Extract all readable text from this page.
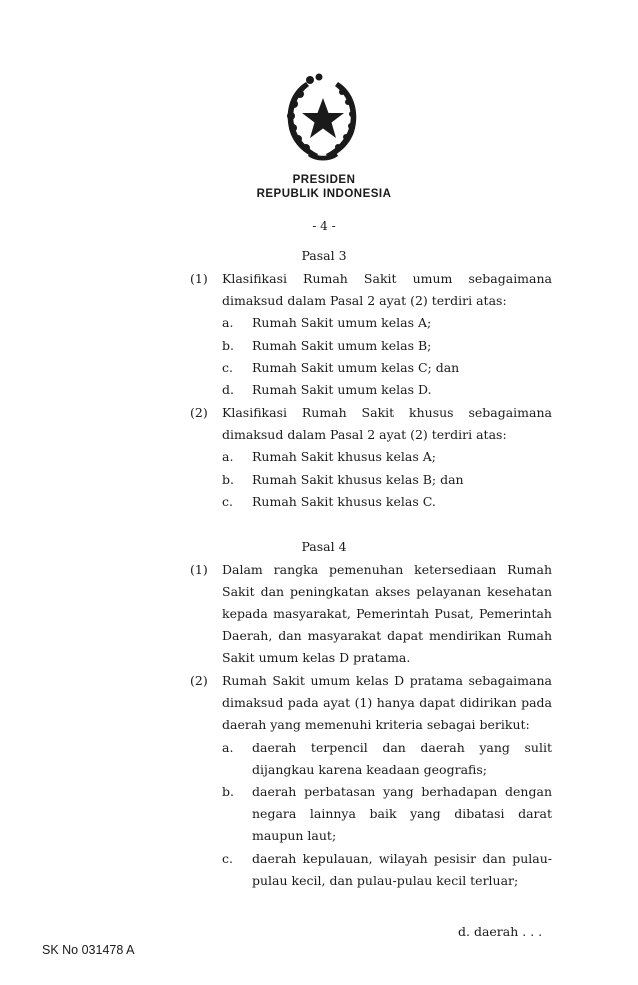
PRESIDEN
REPUBLIK INDONESIA
- 4 -
Pasal 3
(1) Klasifikasi Rumah Sakit umum sebagaimana
dimaksud dalam Pasal 2 ayat (2) terdiri atas:
a. Rumah Sakit umum kelas A;
b. Rumah Sakit umum kelas B;
c. Rumah Sakit umum kelas C; dan
d. Rumah Sakit umum kelas D.
(2) Klasifikasi Rumah Sakit khusus sebagaimana
dimaksud dalam Pasal 2 ayat (2) terdiri atas:
a. Rumah Sakit khusus kelas A;
b. Rumah Sakit khusus kelas B; dan
c. Rumah Sakit khusus kelas C.
Pasal 4
(1) Dalam rangka pemenuhan ketersediaan Rumah
Sakit dan peningkatan akses pelayanan kesehatan
kepada masyarakat, Pemerintah Pusat, Pemerintah
Daerah, dan masyarakat dapat mendirikan Rumah
Sakit umum kelas D pratama.
(2) Rumah Sakit umum kelas D pratama sebagaimana
dimaksud pada ayat (1) hanya dapat didirikan pada
daerah yang memenuhi kriteria sebagai berikut:
a. daerah terpencil dan daerah yang sulit
dijangkau karena keadaan geografis;
b. daerah perbatasan yang berhadapan dengan
negara lainnya baik yang dibatasi darat
maupun laut;
c. daerah kepulauan, wilayah pesisir dan pulau-
pulau kecil, dan pulau-pulau kecil terluar;
d. daerah . . .
SK No 031478 A
